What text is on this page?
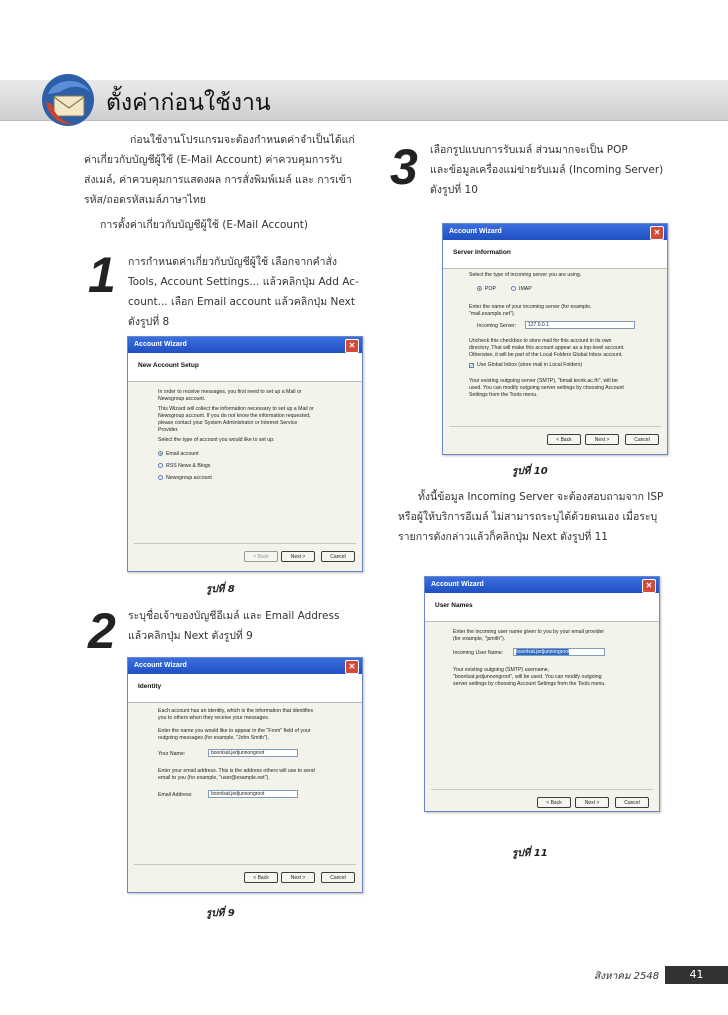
ตั้งค่าก่อนใช้งาน
ก่อนใช้งานโปรแกรมจะต้องกำหนดค่าจำเป็นได้แก่
ค่าเกี่ยวกับบัญชีผู้ใช้ (E-Mail Account) ค่าควบคุมการรับ
ส่งเมล์, ค่าควบคุมการแสดงผล การสั่งพิมพ์เมล์ และ การเข้า
รหัส/ถอดรหัสเมล์ภาษาไทย
การตั้งค่าเกี่ยวกับบัญชีผู้ใช้ (E-Mail Account)
1 การกำหนดค่าเกี่ยวกับบัญชีผู้ใช้ เลือกจากคำสั่ง
Tools, Account Settings... แล้วคลิกปุ่ม Add Ac-
count... เลือก Email account แล้วคลิกปุ่ม Next
ดังรูปที่ 8
Account Wizard	✕
New Account Setup
In order to receive messages, you first need to set up a Mail or
Newsgroup account.
This Wizard will collect the information necessary to set up a Mail or
Newsgroup account. If you do not know the information requested,
please contact your System Administrator or Internet Service
Provider.
Select the type of account you would like to set up:
Email account
RSS News & Blogs
Newsgroup account
< Back	Next >	Cancel
รูปที่ 8
2 ระบุชื่อเจ้าของบัญชีอีเมล์ และ Email Address
แล้วคลิกปุ่ม Next ดังรูปที่ 9
Account Wizard	✕
Identity
Each account has an identity, which is the information that identifies
you to others when they receive your messages.
Enter the name you would like to appear in the "From" field of your
outgoing messages (for example, "John Smith").
Your Name:	boonlsat.jedjunnongroot
Enter your email address. This is the address others will use to send
email to you (for example, "user@example.net").
Email Address:	boonlsat.jedjunnongroot
< Back	Next >	Cancel
รูปที่ 9
3 เลือกรูปแบบการรับเมล์ ส่วนมากจะเป็น POP
และข้อมูลเครื่องแม่ข่ายรับเมล์ (Incoming Server)
ดังรูปที่ 10
Account Wizard	✕
Server Information
Select the type of incoming server you are using.
POP	IMAP
Enter the name of your incoming server (for example,
"mail.example.net").
Incoming Server:	127.0.0.1
Uncheck this checkbox to store mail for this account in its own
directory. That will make this account appear as a top-level account.
Otherwise, it will be part of the Local Folders Global Inbox account.
✓ Use Global Inbox (store mail in Local Folders)
Your existing outgoing server (SMTP), "bmail.tecnk.ac.th", will be
used. You can modify outgoing server settings by choosing Account
Settings from the Tools menu.
< Back	Next >	Cancel
รูปที่ 10
ทั้งนี้ข้อมูล Incoming Server จะต้องสอบถามจาก ISP
หรือผู้ให้บริการอีเมล์ ไม่สามารถระบุได้ด้วยตนเอง เมื่อระบุ
รายการดังกล่าวแล้วก็คลิกปุ่ม Next ดังรูปที่ 11
Account Wizard	✕
User Names
Enter the incoming user name given to you by your email provider
(for example, "jsmith").
Incoming User Name:	boonlsat.jedjunnongroot
Your existing outgoing (SMTP) username,
"boonlsat.jedjunnongroot", will be used. You can modify outgoing
server settings by choosing Account Settings from the Tools menu.
< Back	Next >	Cancel
รูปที่ 11
สิงหาคม 2548	41
